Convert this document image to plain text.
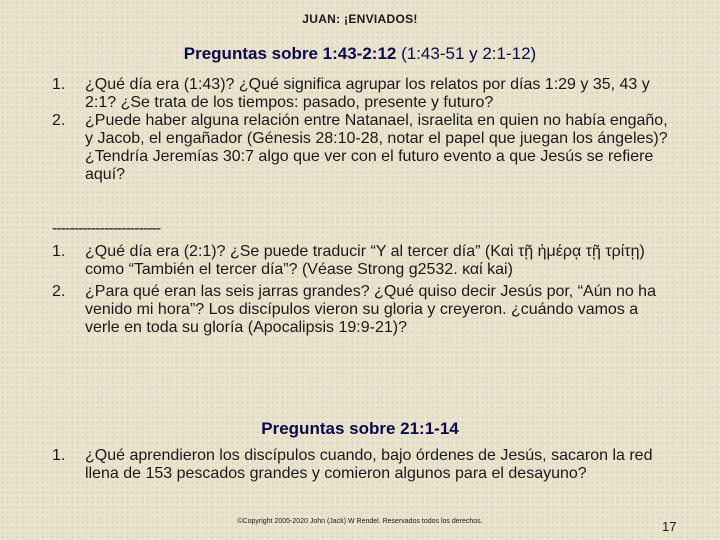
JUAN: ¡ENVIADOS!
Preguntas sobre 1:43-2:12 (1:43-51 y 2:1-12)
1. ¿Qué día era (1:43)? ¿Qué significa agrupar los relatos por días 1:29 y 35, 43 y 2:1? ¿Se trata de los tiempos: pasado, presente y futuro?
2. ¿Puede haber alguna relación entre Natanael, israelita en quien no había engaño, y Jacob, el engañador (Génesis 28:10-28, notar el papel que juegan los ángeles)? ¿Tendría Jeremías 30:7 algo que ver con el futuro evento a que Jesús se refiere aquí?
-------------------------
1. ¿Qué día era (2:1)? ¿Se puede traducir “Y al tercer día” (Καὶ τῇ ἡμέρᾳ τῇ τρίτῃ) como “También el tercer día”? (Véase Strong g2532. καί kai)
2. ¿Para qué eran las seis jarras grandes? ¿Qué quiso decir Jesús por, “Aún no ha venido mi hora”? Los discípulos vieron su gloria y creyeron. ¿cuándo vamos a verle en toda su gloría (Apocalipsis 19:9-21)?
Preguntas sobre 21:1-14
1. ¿Qué aprendieron los discípulos cuando, bajo órdenes de Jesús, sacaron la red llena de 153 pescados grandes y comieron algunos para el desayuno?
©Copyright 2005-2020 John (Jack) W Rendel. Reservados todos los derechos.	17
